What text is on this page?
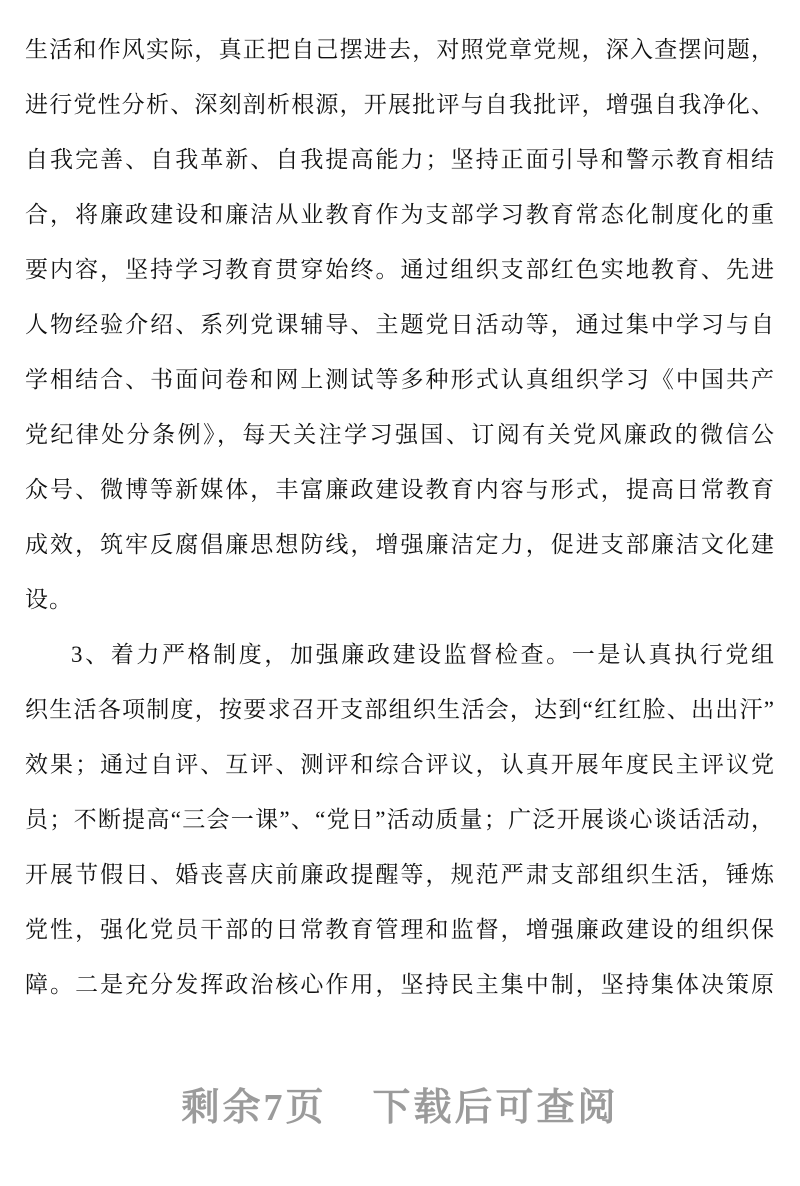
生活和作风实际，真正把自己摆进去，对照党章党规，深入查摆问题，
进行党性分析、深刻剖析根源，开展批评与自我批评，增强自我净化、
自我完善、自我革新、自我提高能力；坚持正面引导和警示教育相结
合，将廉政建设和廉洁从业教育作为支部学习教育常态化制度化的重
要内容，坚持学习教育贯穿始终。通过组织支部红色实地教育、先进
人物经验介绍、系列党课辅导、主题党日活动等，通过集中学习与自
学相结合、书面问卷和网上测试等多种形式认真组织学习《中国共产
党纪律处分条例》，每天关注学习强国、订阅有关党风廉政的微信公
众号、微博等新媒体，丰富廉政建设教育内容与形式，提高日常教育
成效，筑牢反腐倡廉思想防线，增强廉洁定力，促进支部廉洁文化建
设。
3、着力严格制度，加强廉政建设监督检查。一是认真执行党组
织生活各项制度，按要求召开支部组织生活会，达到“红红脸、出出汗”
效果；通过自评、互评、测评和综合评议，认真开展年度民主评议党
员；不断提高“三会一课”、“党日”活动质量；广泛开展谈心谈话活动，
开展节假日、婚丧喜庆前廉政提醒等，规范严肃支部组织生活，锤炼
党性，强化党员干部的日常教育管理和监督，增强廉政建设的组织保
障。二是充分发挥政治核心作用，坚持民主集中制，坚持集体决策原
剩余7页 下载后可查阅
